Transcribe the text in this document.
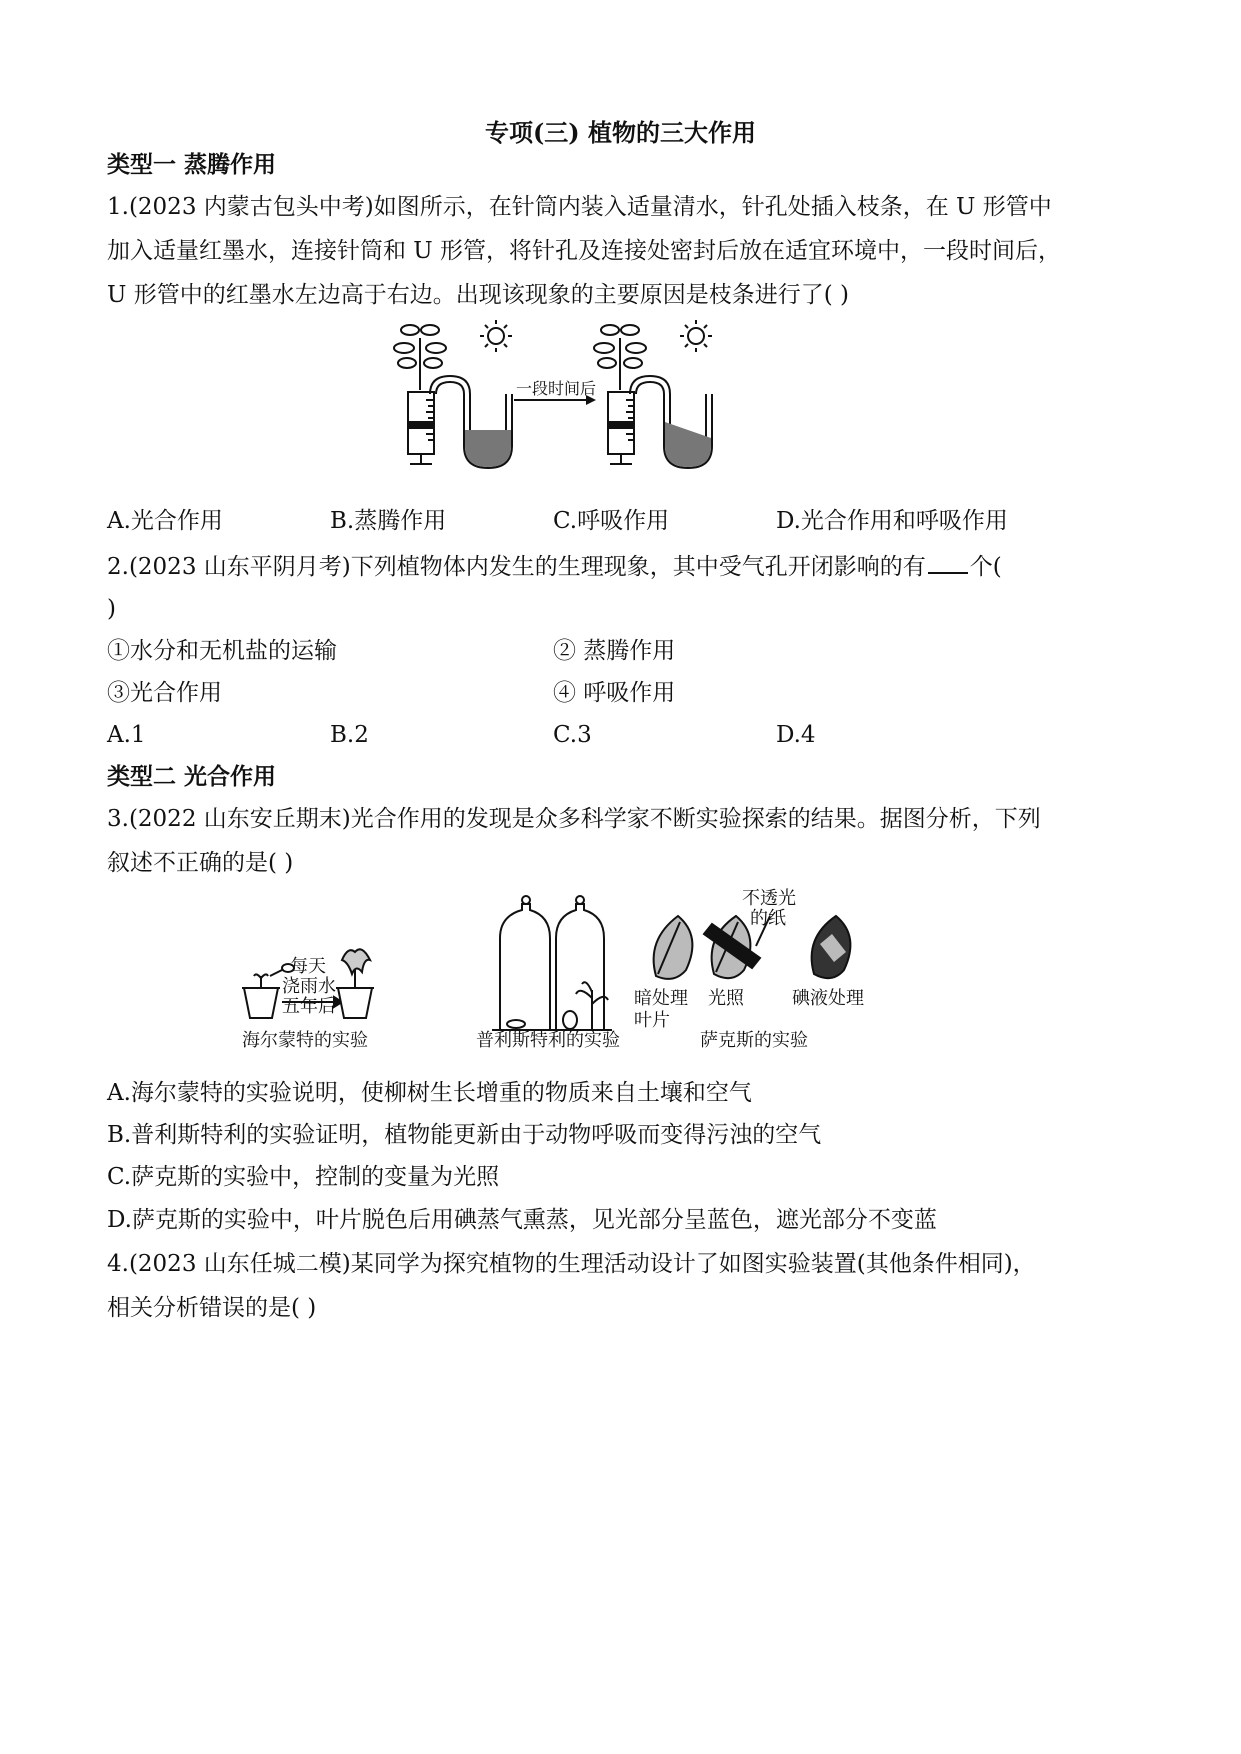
专项(三) 植物的三大作用
类型一 蒸腾作用
1.(2023 内蒙古包头中考)如图所示，在针筒内装入适量清水，针孔处插入枝条，在 U 形管中
加入适量红墨水，连接针筒和 U 形管，将针孔及连接处密封后放在适宜环境中，一段时间后，
U 形管中的红墨水左边高于右边。出现该现象的主要原因是枝条进行了( )
一段时间后
A.光合作用	B.蒸腾作用	C.呼吸作用	D.光合作用和呼吸作用
2.(2023 山东平阴月考)下列植物体内发生的生理现象，其中受气孔开闭影响的有 个(
)
①水分和无机盐的运输	② 蒸腾作用
③光合作用	④ 呼吸作用
A.1	B.2	C.3	D.4
类型二 光合作用
3.(2022 山东安丘期末)光合作用的发现是众多科学家不断实验探索的结果。据图分析，下列
叙述不正确的是( )
每天
浇雨水
五年后
海尔蒙特的实验	普利斯特利的实验
不透光
的纸
暗处理
叶片
光照	碘液处理
萨克斯的实验
A.海尔蒙特的实验说明，使柳树生长增重的物质来自土壤和空气
B.普利斯特利的实验证明，植物能更新由于动物呼吸而变得污浊的空气
C.萨克斯的实验中，控制的变量为光照
D.萨克斯的实验中，叶片脱色后用碘蒸气熏蒸，见光部分呈蓝色，遮光部分不变蓝
4.(2023 山东任城二模)某同学为探究植物的生理活动设计了如图实验装置(其他条件相同)，
相关分析错误的是( )
